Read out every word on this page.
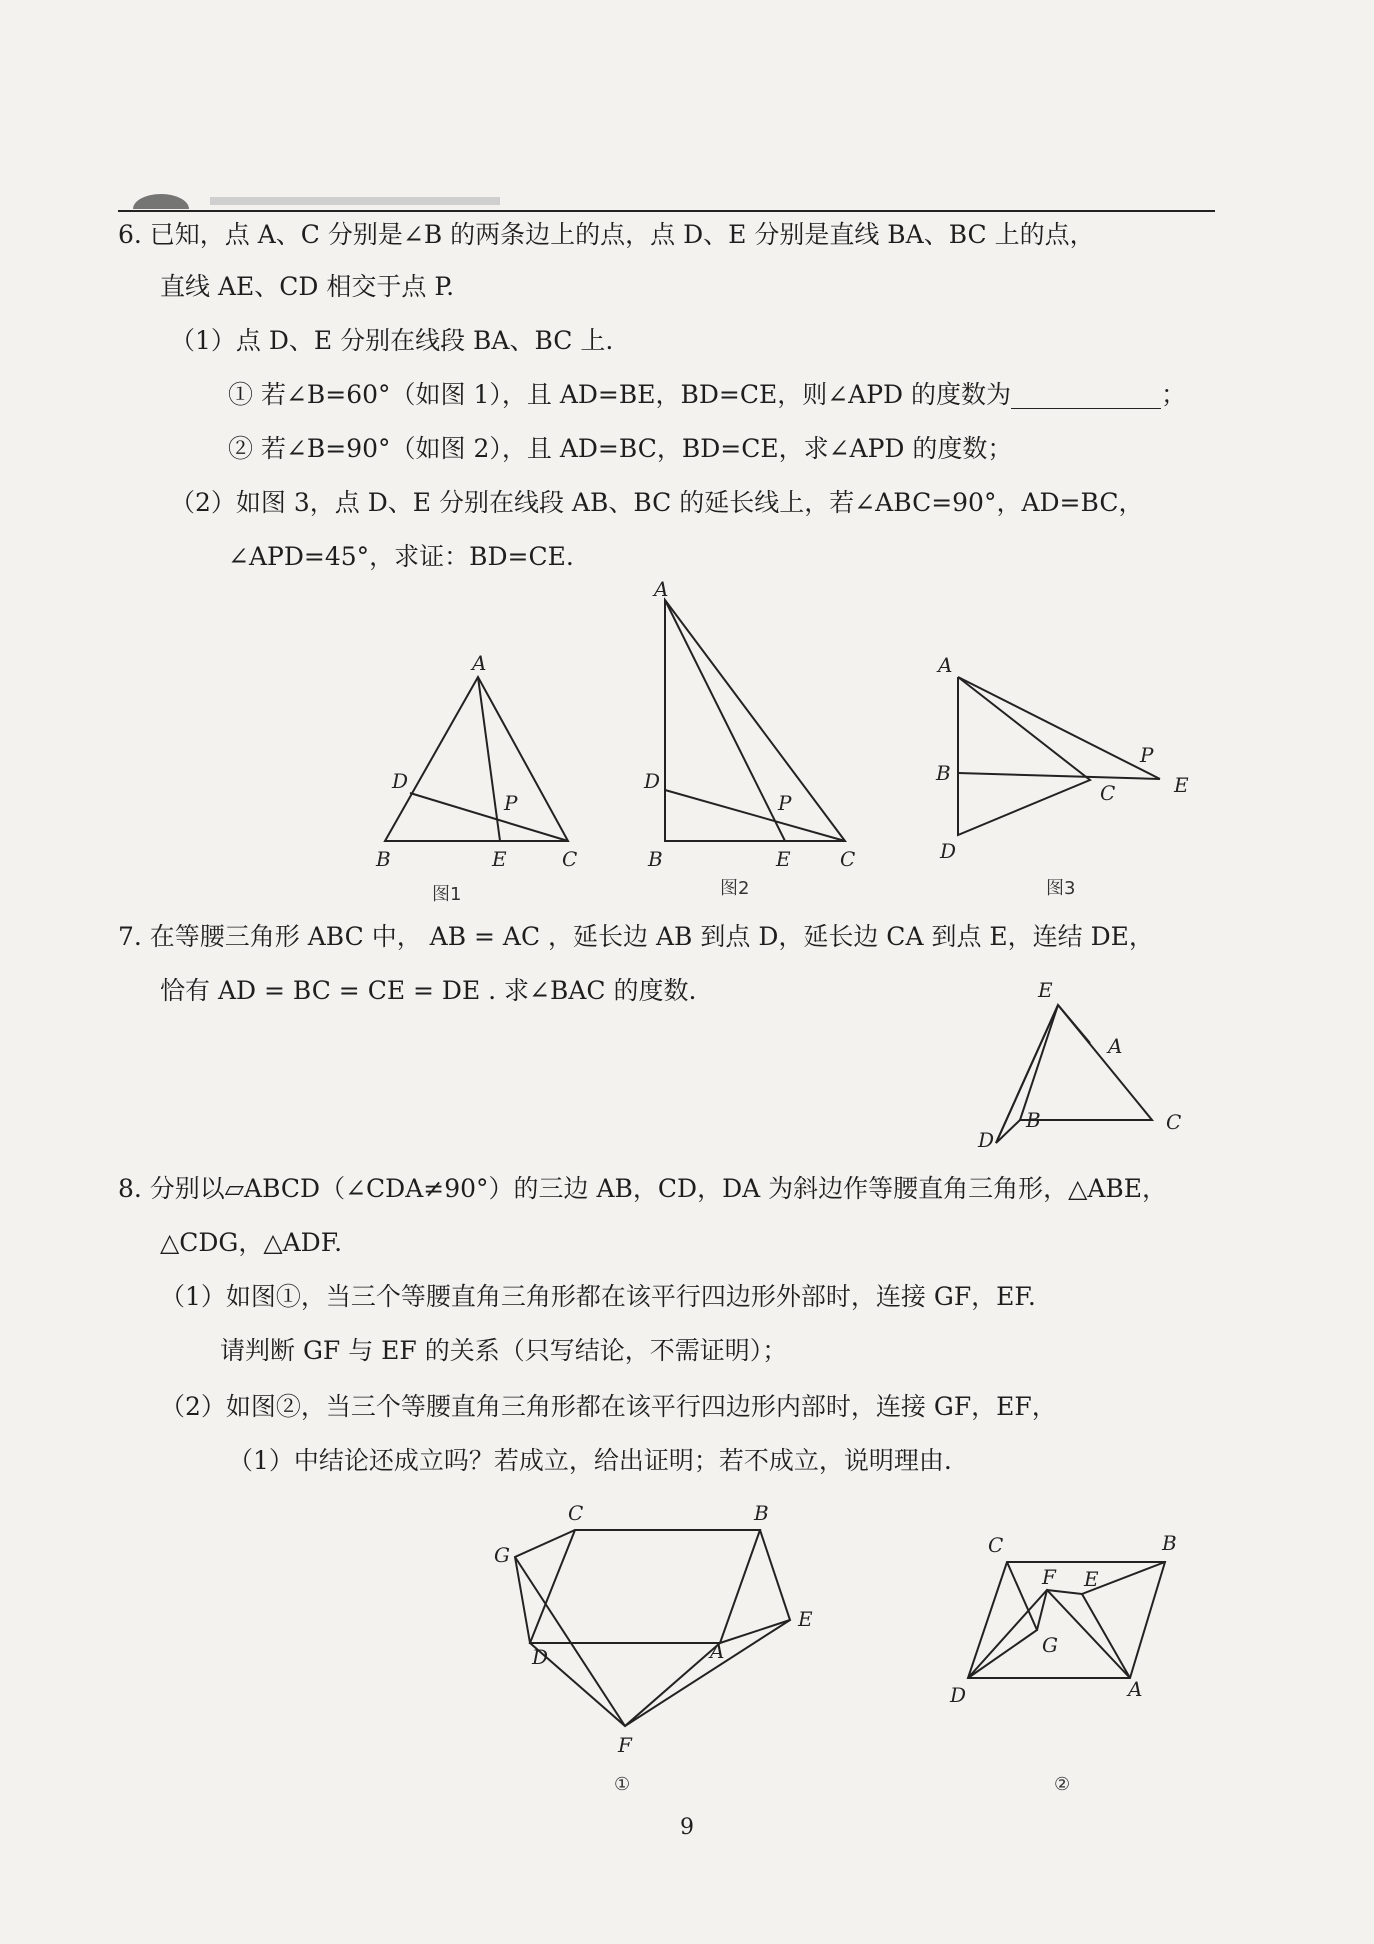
6. 已知，点 A、C 分别是∠B 的两条边上的点，点 D、E 分别是直线 BA、BC 上的点，
直线 AE、CD 相交于点 P.
（1）点 D、E 分别在线段 BA、BC 上.
① 若∠B=60°（如图 1），且 AD=BE，BD=CE，则∠APD 的度数为____________；
② 若∠B=90°（如图 2），且 AD=BC，BD=CE，求∠APD 的度数；
（2）如图 3，点 D、E 分别在线段 AB、BC 的延长线上，若∠ABC=90°，AD=BC，
∠APD=45°，求证：BD=CE.
A
D
P
B	E	C
图1
A
D
P
B	E C
图2
A
B
P
C	E
D
图3
7. 在等腰三角形 ABC 中， AB = AC ，延长边 AB 到点 D，延长边 CA 到点 E，连结 DE，
恰有 AD = BC = CE = DE . 求∠BAC 的度数.	E
A
B	C
D
8. 分别以▱ABCD（∠CDA≠90°）的三边 AB，CD，DA 为斜边作等腰直角三角形，△ABE，
△CDG，△ADF.
（1）如图①，当三个等腰直角三角形都在该平行四边形外部时，连接 GF，EF.
请判断 GF 与 EF 的关系（只写结论，不需证明）；
（2）如图②，当三个等腰直角三角形都在该平行四边形内部时，连接 GF，EF，
（1）中结论还成立吗？若成立，给出证明；若不成立，说明理由.
C	B
G
E
D	A
F
①
C	B
F E
G
D	A
②
9
